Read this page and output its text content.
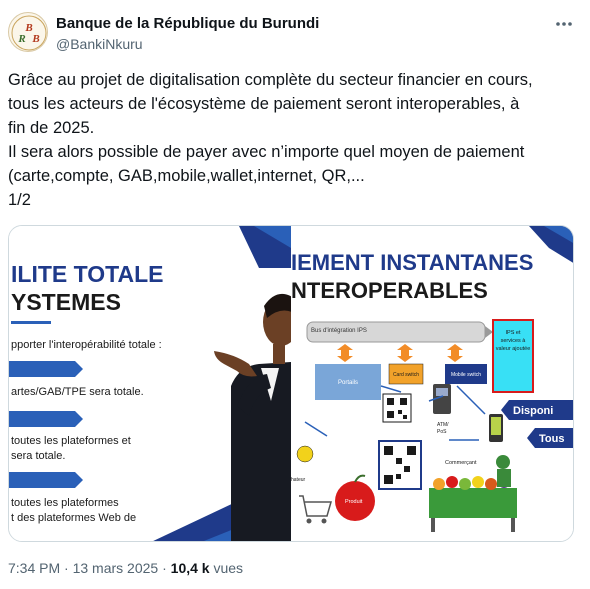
B
R B
Banque de la République du Burundi
@BankiNkuru
Grâce au projet de digitalisation complète du secteur financier en cours,
tous les acteurs de l'écosystème de paiement seront interoperables, à
fin de 2025.
Il sera alors possible de payer avec n’importe quel moyen de paiement
(carte,compte, GAB,mobile,wallet,internet, QR,...
1/2
ILITE TOTALE
YSTEMES
pporter l'interopérabilité totale :
artes/GAB/TPE sera totale.
toutes les plateformes et
sera totale.
toutes les plateformes
t des plateformes Web de
IEMENT INSTANTANES
NTEROPERABLES
Bus d'intégration IPS	IPS et
services à
valeur ajoutée
Portails
Card switch	Mobile switch
ATM/
PoS
Disponi
Tous
hateur
Produit
Commerçant
7:34 PM · 13 mars 2025 · 10,4 k vues
